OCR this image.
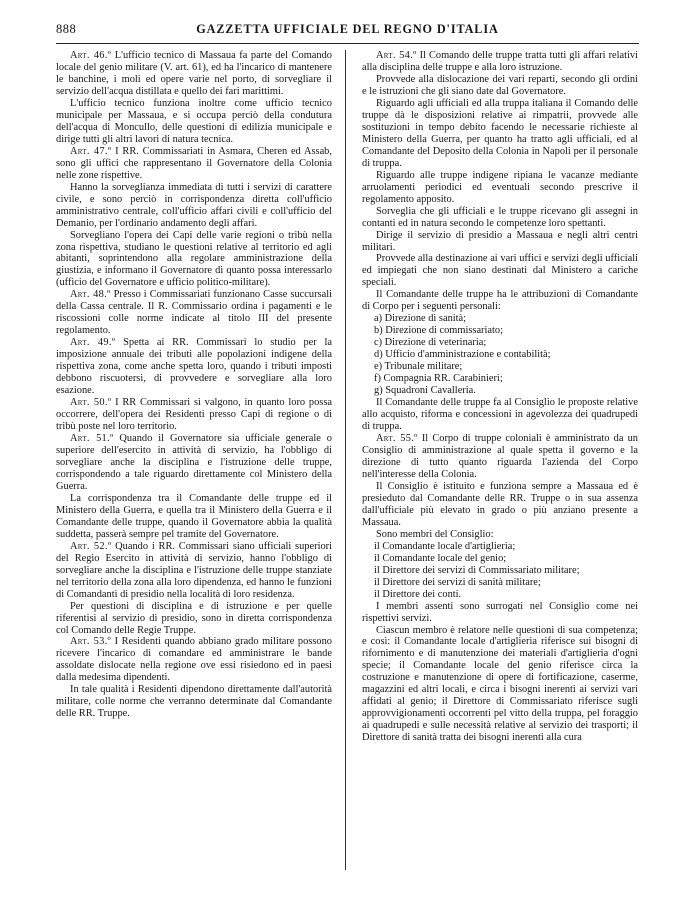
888	GAZZETTA UFFICIALE DEL REGNO D'ITALIA

Art. 46.º L'ufficio tecnico di Massaua fa parte del Comando locale del genio militare (V. art. 61), ed ha l'incarico di mantenere le banchine, i moli ed opere varie nel porto, di sorvegliare il servizio dell'acqua distillata e quello dei fari marittimi.

L'ufficio tecnico funziona inoltre come ufficio tecnico municipale per Massaua, e si occupa perciò della condutura dell'acqua di Moncullo, delle questioni di edilizia municipale e dirige tutti gli altri lavori di natura tecnica.

Art. 47.º I RR. Commissariati in Asmara, Cheren ed Assab, sono gli uffici che rappresentano il Governatore della Colonia nelle zone rispettive.

Hanno la sorveglianza immediata di tutti i servizi di carattere civile, e sono perciò in corrispondenza diretta coll'ufficio amministrativo centrale, coll'ufficio affari civili e coll'ufficio del Demanio, per l'ordinario andamento degli affari.

Sorvegliano l'opera dei Capi delle varie regioni o tribù nella zona rispettiva, studiano le questioni relative al territorio ed agli abitanti, soprintendono alla regolare amministrazione della giustizia, e informano il Governatore di quanto possa interessarlo (ufficio del Governatore e ufficio politico-militare).

Art. 48.º Presso i Commissariati funzionano Casse succursali della Cassa centrale. Il R. Commissario ordina i pagamenti e le riscossioni colle norme indicate al titolo III del presente regolamento.

Art. 49.º Spetta ai RR. Commissari lo studio per la imposizione annuale dei tributi alle popolazioni indigene della rispettiva zona, come anche spetta loro, quando i tributi imposti debbono riscuotersi, di provvedere e sorvegliare alla loro esazione.

Art. 50.º I RR Commissari si valgono, in quanto loro possa occorrere, dell'opera dei Residenti presso Capi di regione o di tribù poste nel loro territorio.

Art. 51.º Quando il Governatore sia ufficiale generale o superiore dell'esercito in attività di servizio, ha l'obbligo di sorvegliare anche la disciplina e l'istruzione delle truppe, corrispondendo a tale riguardo direttamente col Ministero della Guerra.

La corrispondenza tra il Comandante delle truppe ed il Ministero della Guerra, e quella tra il Ministero della Guerra e il Comandante delle truppe, quando il Governatore abbia la qualità suddetta, passerà sempre pel tramite del Governatore.

Art. 52.º Quando i RR. Commissari siano ufficiali superiori del Regio Esercito in attività di servizio, hanno l'obbligo di sorvegliare anche la disciplina e l'istruzione delle truppe stanziate nel territorio della zona alla loro dipendenza, ed hanno le funzioni di Comandanti di presidio nella località di loro residenza.

Per questioni di disciplina e di istruzione e per quelle riferentisi al servizio di presidio, sono in diretta corrispondenza col Comando delle Regie Truppe.

Art. 53.º I Residenti quando abbiano grado militare possono ricevere l'incarico di comandare ed amministrare le bande assoldate dislocate nella regione ove essi risiedono ed in paesi dalla medesima dipendenti.

In tale qualità i Residenti dipendono direttamente dall'autorità militare, colle norme che verranno determinate dal Comandante delle RR. Truppe.

Art. 54.º Il Comando delle truppe tratta tutti gli affari relativi alla disciplina delle truppe e alla loro istruzione.

Provvede alla dislocazione dei vari reparti, secondo gli ordini e le istruzioni che gli siano date dal Governatore.

Riguardo agli ufficiali ed alla truppa italiana il Comando delle truppe dà le disposizioni relative ai rimpatrii, provvede alle sostituzioni in tempo debito facendo le necessarie richieste al Ministero della Guerra, per quanto ha tratto agli ufficiali, ed al Comandante del Deposito della Colonia in Napoli per il personale di truppa.

Riguardo alle truppe indigene ripiana le vacanze mediante arruolamenti periodici ed eventuali secondo prescrive il regolamento apposito.

Sorveglia che gli ufficiali e le truppe ricevano gli assegni in contanti ed in natura secondo le competenze loro spettanti.

Dirige il servizio di presidio a Massaua e negli altri centri militari.

Provvede alla destinazione ai vari uffici e servizi degli ufficiali ed impiegati che non siano destinati dal Ministero a cariche speciali.

Il Comandante delle truppe ha le attribuzioni di Comandante di Corpo per i seguenti personali:

a) Direzione di sanità;

b) Direzione di commissariato;

c) Direzione di veterinaria;

d) Ufficio d'amministrazione e contabilità;

e) Tribunale militare;

f) Compagnia RR. Carabinieri;

g) Squadroni Cavalleria.

Il Comandante delle truppe fa al Consiglio le proposte relative allo acquisto, riforma e concessioni in agevolezza dei quadrupedi di truppa.

Art. 55.º Il Corpo di truppe coloniali è amministrato da un Consiglio di amministrazione al quale spetta il governo e la direzione di tutto quanto riguarda l'azienda del Corpo nell'interesse della Colonia.

Il Consiglio è istituito e funziona sempre a Massaua ed è presieduto dal Comandante delle RR. Truppe o in sua assenza dall'ufficiale più elevato in grado o più anziano presente a Massaua.

Sono membri del Consiglio:

il Comandante locale d'artiglieria;

il Comandante locale del genio;

il Direttore dei servizi di Commissariato militare;

il Direttore dei servizi di sanità militare;

il Direttore dei conti.

I membri assenti sono surrogati nel Consiglio come nei rispettivi servizi.

Ciascun membro è relatore nelle questioni di sua competenza; e così: il Comandante locale d'artiglieria riferisce sui bisogni di rifornimento e di manutenzione dei materiali d'artiglieria d'ogni specie; il Comandante locale del genio riferisce circa la costruzione e manutenzione di opere di fortificazione, caserme, magazzini ed altri locali, e circa i bisogni inerenti ai servizi vari affidati al genio; il Direttore di Commissariato riferisce sugli approvvigionamenti occorrenti pel vitto della truppa, pel foraggio ai quadrupedi e sulle necessità relative al servizio dei trasporti; il Direttore di sanità tratta dei bisogni inerenti alla cura
